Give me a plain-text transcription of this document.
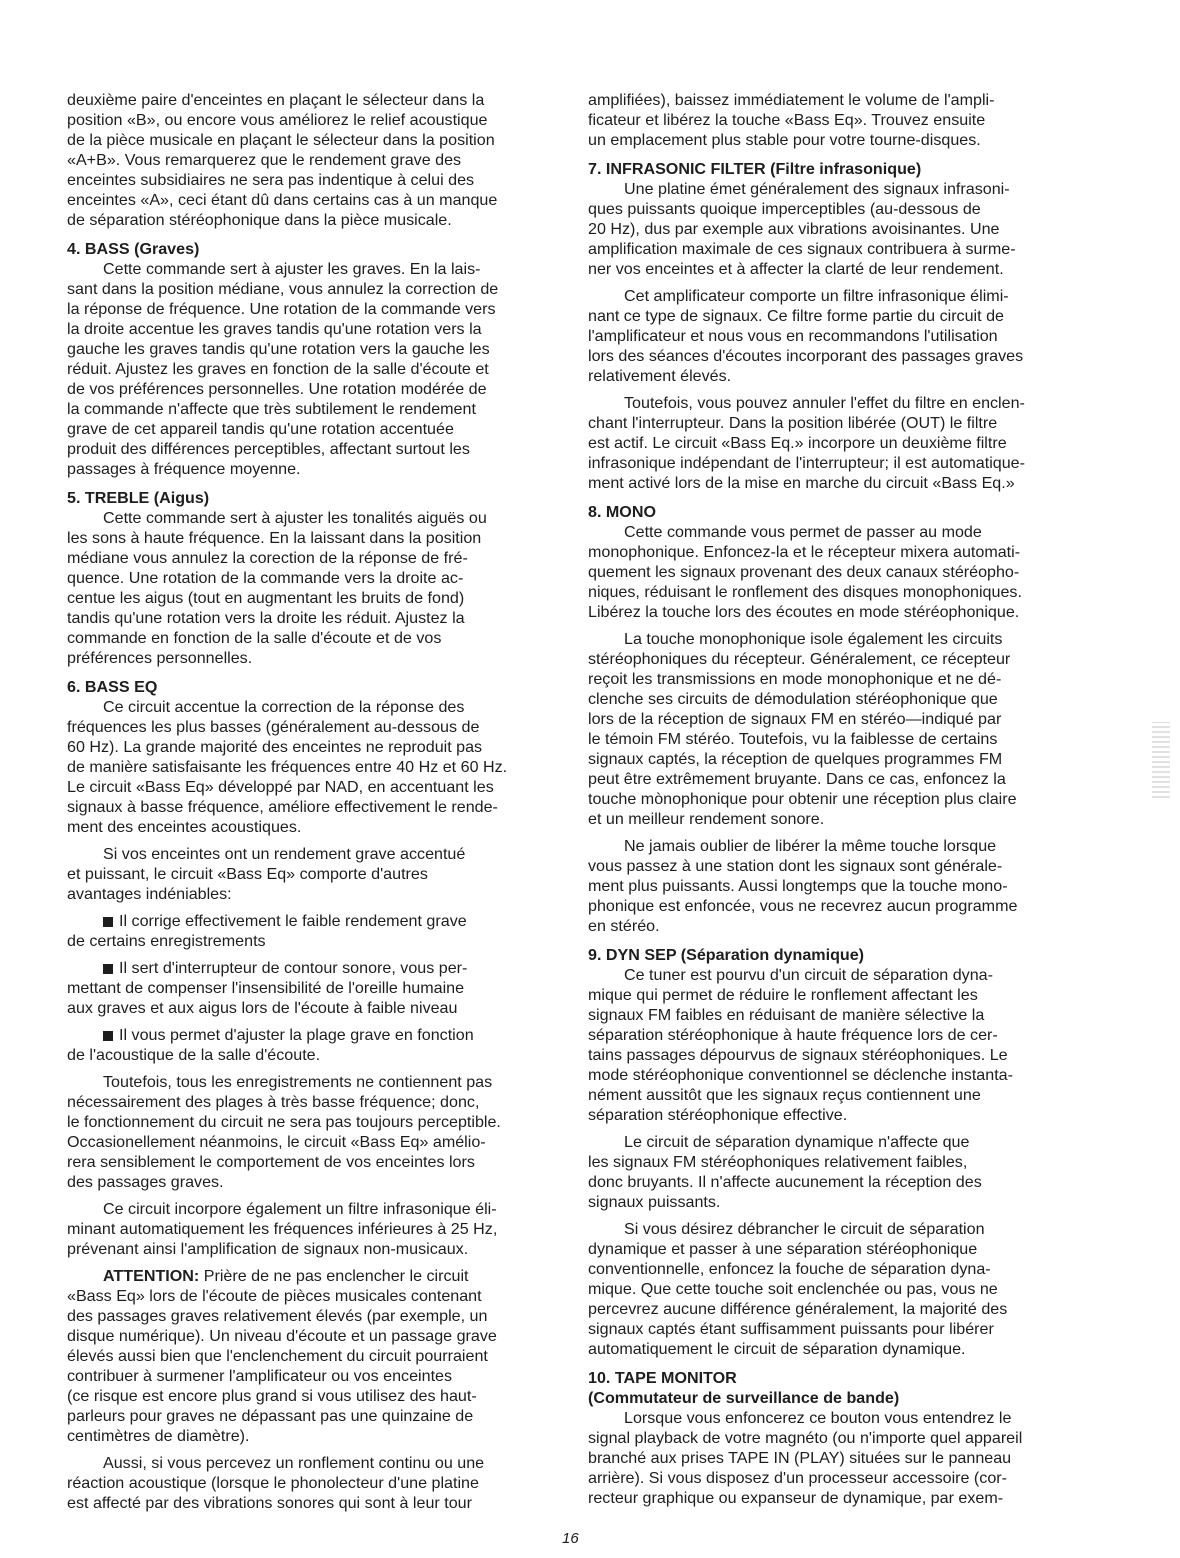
deuxième paire d'enceintes en plaçant le sélecteur dans la
position «B», ou encore vous améliorez le relief acoustique
de la pièce musicale en plaçant le sélecteur dans la position
«A+B». Vous remarquerez que le rendement grave des
enceintes subsidiaires ne sera pas indentique à celui des
enceintes «A», ceci étant dû dans certains cas à un manque
de séparation stéréophonique dans la pièce musicale.
4. BASS (Graves)
Cette commande sert à ajuster les graves. En la lais-
sant dans la position médiane, vous annulez la correction de
la réponse de fréquence. Une rotation de la commande vers
la droite accentue les graves tandis qu'une rotation vers la
gauche les graves tandis qu'une rotation vers la gauche les
réduit. Ajustez les graves en fonction de la salle d'écoute et
de vos préférences personnelles. Une rotation modérée de
la commande n'affecte que très subtilement le rendement
grave de cet appareil tandis qu'une rotation accentuée
produit des différences perceptibles, affectant surtout les
passages à fréquence moyenne.
5. TREBLE (Aigus)
Cette commande sert à ajuster les tonalités aiguës ou
les sons à haute fréquence. En la laissant dans la position
médiane vous annulez la corection de la réponse de fré-
quence. Une rotation de la commande vers la droite ac-
centue les aigus (tout en augmentant les bruits de fond)
tandis qu'une rotation vers la droite les réduit. Ajustez la
commande en fonction de la salle d'écoute et de vos
préférences personnelles.
6. BASS EQ
Ce circuit accentue la correction de la réponse des
fréquences les plus basses (généralement au-dessous de
60 Hz). La grande majorité des enceintes ne reproduit pas
de manière satisfaisante les fréquences entre 40 Hz et 60 Hz.
Le circuit «Bass Eq» développé par NAD, en accentuant les
signaux à basse fréquence, améliore effectivement le rende-
ment des enceintes acoustiques.
Si vos enceintes ont un rendement grave accentué
et puissant, le circuit «Bass Eq» comporte d'autres
avantages indéniables:
Il corrige effectivement le faible rendement grave
de certains enregistrements
Il sert d'interrupteur de contour sonore, vous per-
mettant de compenser l'insensibilité de l'oreille humaine
aux graves et aux aigus lors de l'écoute à faible niveau
Il vous permet d'ajuster la plage grave en fonction
de l'acoustique de la salle d'écoute.
Toutefois, tous les enregistrements ne contiennent pas
nécessairement des plages à très basse fréquence; donc,
le fonctionnement du circuit ne sera pas toujours perceptible.
Occasionellement néanmoins, le circuit «Bass Eq» amélio-
rera sensiblement le comportement de vos enceintes lors
des passages graves.
Ce circuit incorpore également un filtre infrasonique éli-
minant automatiquement les fréquences inférieures à 25 Hz,
prévenant ainsi l'amplification de signaux non-musicaux.
ATTENTION: Prière de ne pas enclencher le circuit
«Bass Eq» lors de l'écoute de pièces musicales contenant
des passages graves relativement élevés (par exemple, un
disque numérique). Un niveau d'écoute et un passage grave
élevés aussi bien que l'enclenchement du circuit pourraient
contribuer à surmener l'amplificateur ou vos enceintes
(ce risque est encore plus grand si vous utilisez des haut-
parleurs pour graves ne dépassant pas une quinzaine de
centimètres de diamètre).
Aussi, si vous percevez un ronflement continu ou une
réaction acoustique (lorsque le phonolecteur d'une platine
est affecté par des vibrations sonores qui sont à leur tour
amplifiées), baissez immédiatement le volume de l'ampli-
ficateur et libérez la touche «Bass Eq». Trouvez ensuite
un emplacement plus stable pour votre tourne-disques.
7. INFRASONIC FILTER (Filtre infrasonique)
Une platine émet généralement des signaux infrasoni-
ques puissants quoique imperceptibles (au-dessous de
20 Hz), dus par exemple aux vibrations avoisinantes. Une
amplification maximale de ces signaux contribuera à surme-
ner vos enceintes et à affecter la clarté de leur rendement.
Cet amplificateur comporte un filtre infrasonique élimi-
nant ce type de signaux. Ce filtre forme partie du circuit de
l'amplificateur et nous vous en recommandons l'utilisation
lors des séances d'écoutes incorporant des passages graves
relativement élevés.
Toutefois, vous pouvez annuler l'effet du filtre en enclen-
chant l'interrupteur. Dans la position libérée (OUT) le filtre
est actif. Le circuit «Bass Eq.» incorpore un deuxième filtre
infrasonique indépendant de l'interrupteur; il est automatique-
ment activé lors de la mise en marche du circuit «Bass Eq.»
8. MONO
Cette commande vous permet de passer au mode
monophonique. Enfoncez-la et le récepteur mixera automati-
quement les signaux provenant des deux canaux stéréopho-
niques, réduisant le ronflement des disques monophoniques.
Libérez la touche lors des écoutes en mode stéréophonique.
La touche monophonique isole également les circuits
stéréophoniques du récepteur. Généralement, ce récepteur
reçoit les transmissions en mode monophonique et ne dé-
clenche ses circuits de démodulation stéréophonique que
lors de la réception de signaux FM en stéréo—indiqué par
le témoin FM stéréo. Toutefois, vu la faiblesse de certains
signaux captés, la réception de quelques programmes FM
peut être extrêmement bruyante. Dans ce cas, enfoncez la
touche mònophonique pour obtenir une réception plus claire
et un meilleur rendement sonore.
Ne jamais oublier de libérer la même touche lorsque
vous passez à une station dont les signaux sont générale-
ment plus puissants. Aussi longtemps que la touche mono-
phonique est enfoncée, vous ne recevrez aucun programme
en stéréo.
9. DYN SEP (Séparation dynamique)
Ce tuner est pourvu d'un circuit de séparation dyna-
mique qui permet de réduire le ronflement affectant les
signaux FM faibles en réduisant de manière sélective la
séparation stéréophonique à haute fréquence lors de cer-
tains passages dépourvus de signaux stéréophoniques. Le
mode stéréophonique conventionnel se déclenche instanta-
nément aussitôt que les signaux reçus contiennent une
séparation stéréophonique effective.
Le circuit de séparation dynamique n'affecte que
les signaux FM stéréophoniques relativement faibles,
donc bruyants. Il n'affecte aucunement la réception des
signaux puissants.
Si vous désirez débrancher le circuit de séparation
dynamique et passer à une séparation stéréophonique
conventionnelle, enfoncez la fouche de séparation dyna-
mique. Que cette touche soit enclenchée ou pas, vous ne
percevrez aucune différence généralement, la majorité des
signaux captés étant suffisamment puissants pour libérer
automatiquement le circuit de séparation dynamique.
10. TAPE MONITOR
(Commutateur de surveillance de bande)
Lorsque vous enfoncerez ce bouton vous entendrez le
signal playback de votre magnéto (ou n'importe quel appareil
branché aux prises TAPE IN (PLAY) situées sur le panneau
arrière). Si vous disposez d'un processeur accessoire (cor-
recteur graphique ou expanseur de dynamique, par exem-
16
